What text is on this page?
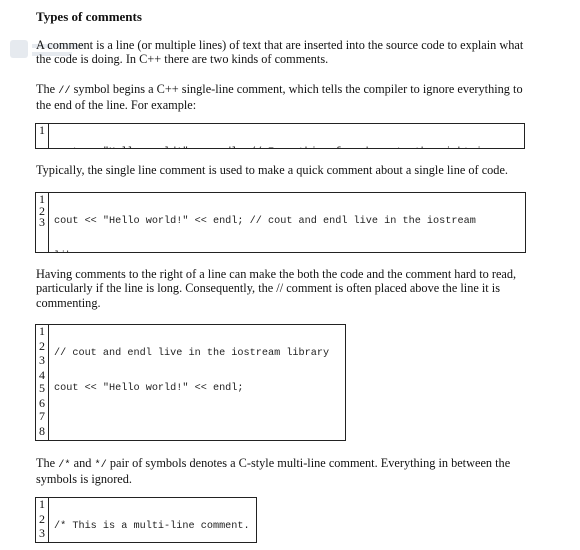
Types of comments
A comment is a line (or multiple lines) of text that are inserted into the source code to explain what the code is doing. In C++ there are two kinds of comments.
The // symbol begins a C++ single-line comment, which tells the compiler to ignore everything to the end of the line. For example:
1

Typically, the single line comment is used to make a quick comment about a single line of code.
1
2
3

cout << "Hello world!" << endl; // cout and endl live in the iostream

Having comments to the right of a line can make the both the code and the comment hard to read, particularly if the line is long. Consequently, the // comment is often placed above the line it is commenting.
1
2
3
4
5
6
7
8

// cout and endl live in the iostream library

cout << "Hello world!" << endl;

The /* and */ pair of symbols denotes a C-style multi-line comment. Everything in between the symbols is ignored.
1
2
3

/* This is a multi-line comment.
